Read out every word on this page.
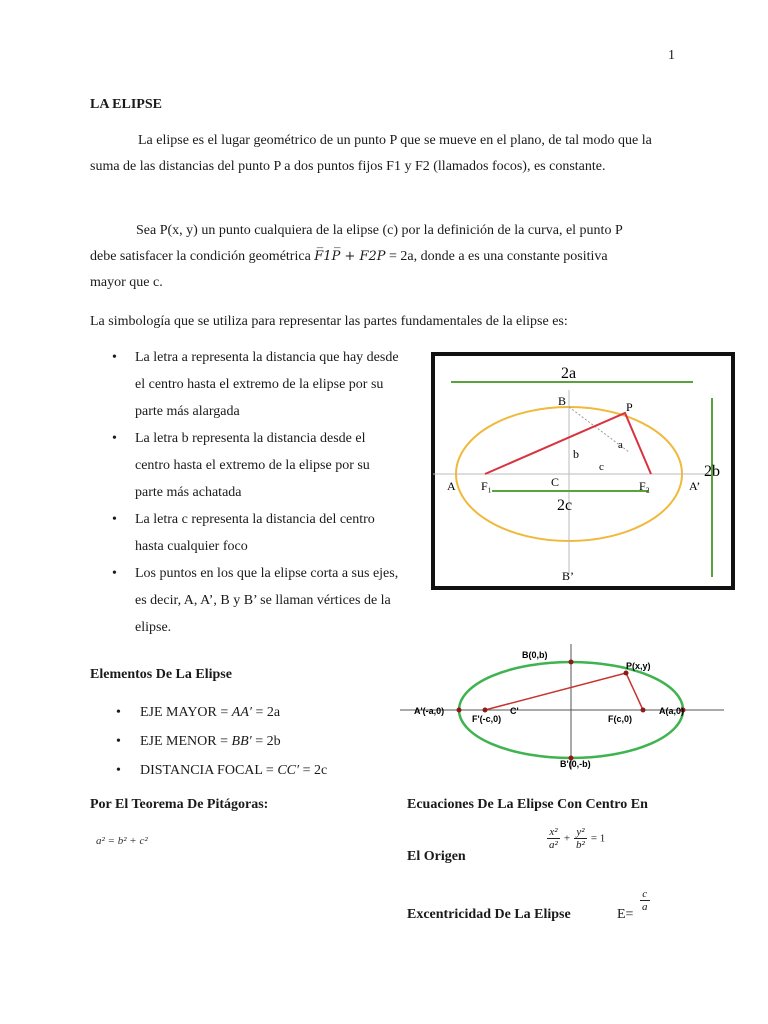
1
LA ELIPSE
La elipse es el lugar geométrico de un punto P que se mueve en el plano, de tal modo que la suma de las distancias del punto P a dos puntos fijos F1 y F2 (llamados focos), es constante.
Sea P(x, y) un punto cualquiera de la elipse (c) por la definición de la curva, el punto P
debe satisfacer la condición geométrica F̅1P̅ + F2P = 2a, donde a es una constante positiva
mayor que c.
La simbología que se utiliza para representar las partes fundamentales de la elipse es:
• La letra a representa la distancia que hay desde el centro hasta el extremo de la elipse por su parte más alargada
• La letra b representa la distancia desde el centro hasta el extremo de la elipse por su parte más achatada
• La letra c representa la distancia del centro hasta cualquier foco
• Los puntos en los que la elipse corta a sus ejes, es decir, A, A’, B y B’ se llaman vértices de la elipse.
2a
2b
2c
B	P
a
b
c
A F₁	C	F₂	A’
B’
Elementos De La Elipse
• EJE MAYOR = AA′ = 2a
• EJE MENOR = BB′ = 2b
• DISTANCIA FOCAL = CC′ = 2c
B(0,b)
P(x,y)
A'(-a,0)
F'(-c,0)
C'
F(c,0)
A(a,0)
B'(0,-b)
Por El Teorema De Pitágoras:
a² = b² + c²
Ecuaciones De La Elipse Con Centro En
El Origen
$\frac{\text{x²}}{\text{a²}} + \frac{\text{y²}}{\text{b²}} = 1$
Excentricidad De La Elipse	E=
$\frac{c}{a}$
